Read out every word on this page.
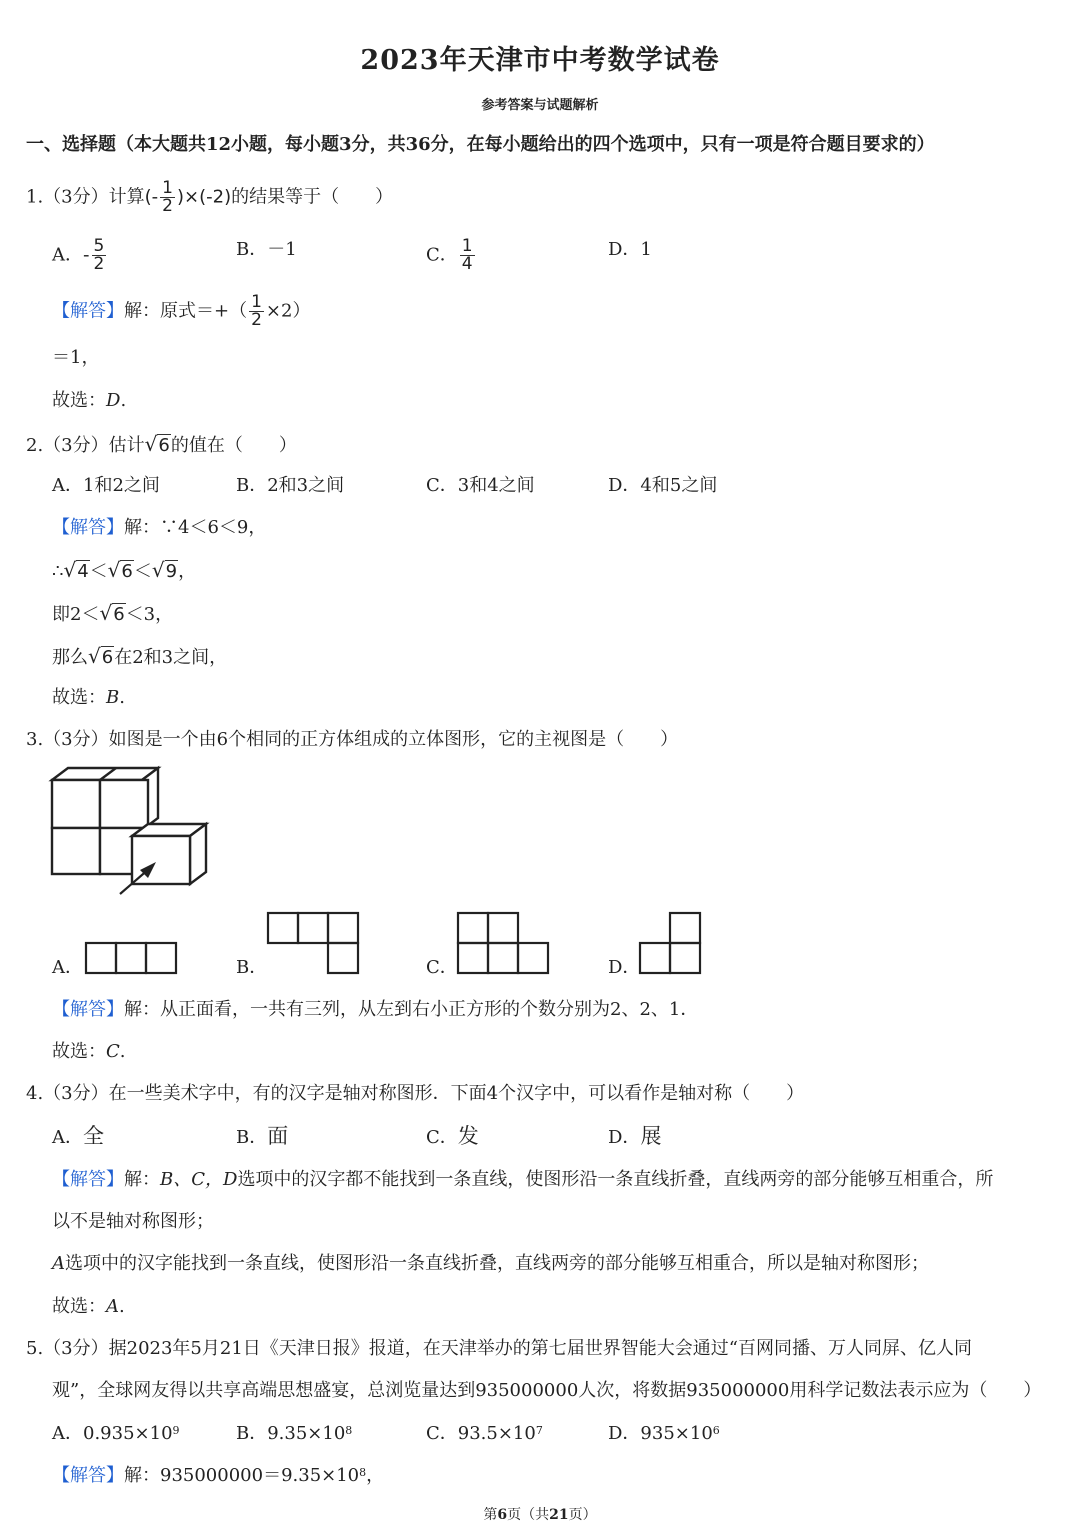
2023年天津市中考数学试卷
参考答案与试题解析
一、选择题（本大题共12小题，每小题3分，共36分，在每小题给出的四个选项中，只有一项是符合题目要求的）
1.（3分）计算(- $\frac{1}{2} )\times(-2)$的结果等于（　　）
A．- $\frac{5}{2}$	B．－1	C． $\frac{1}{4}$	D．1
【解答】解：原式＝+（ $\frac{1}{2} \times 2$）
＝1，
故选：D.
2.（3分）估计√6的值在（　　）
A．1和2之间	B．2和3之间	C．3和4之间	D．4和5之间
【解答】解：∵4＜6＜9，
∴√4＜√6＜√9，
即2＜√6＜3，
那么√6在2和3之间，
故选：B.
3.（3分）如图是一个由6个相同的正方体组成的立体图形，它的主视图是（　　）
A．	B．	C．	D．
【解答】解：从正面看，一共有三列，从左到右小正方形的个数分别为2、2、1．
故选：C.
4.（3分）在一些美术字中，有的汉字是轴对称图形．下面4个汉字中，可以看作是轴对称（　　）
A．全	B．面	C．发	D．展
【解答】解：B、C，D选项中的汉字都不能找到一条直线，使图形沿一条直线折叠，直线两旁的部分能够互相重合，所
以不是轴对称图形；
A选项中的汉字能找到一条直线，使图形沿一条直线折叠，直线两旁的部分能够互相重合，所以是轴对称图形；
故选：A.
5.（3分）据2023年5月21日《天津日报》报道，在天津举办的第七届世界智能大会通过“百网同播、万人同屏、亿人同
观”，全球网友得以共享高端思想盛宴，总浏览量达到935000000人次，将数据935000000用科学记数法表示应为（　　）
A．$0.935\times 10^9$	B．$9.35\times 10^8$	C．$93.5\times 10^7$	D．$935\times 10^6$
【解答】解：$935000000=9.35\times 10^8$，
第6页（共21页）
